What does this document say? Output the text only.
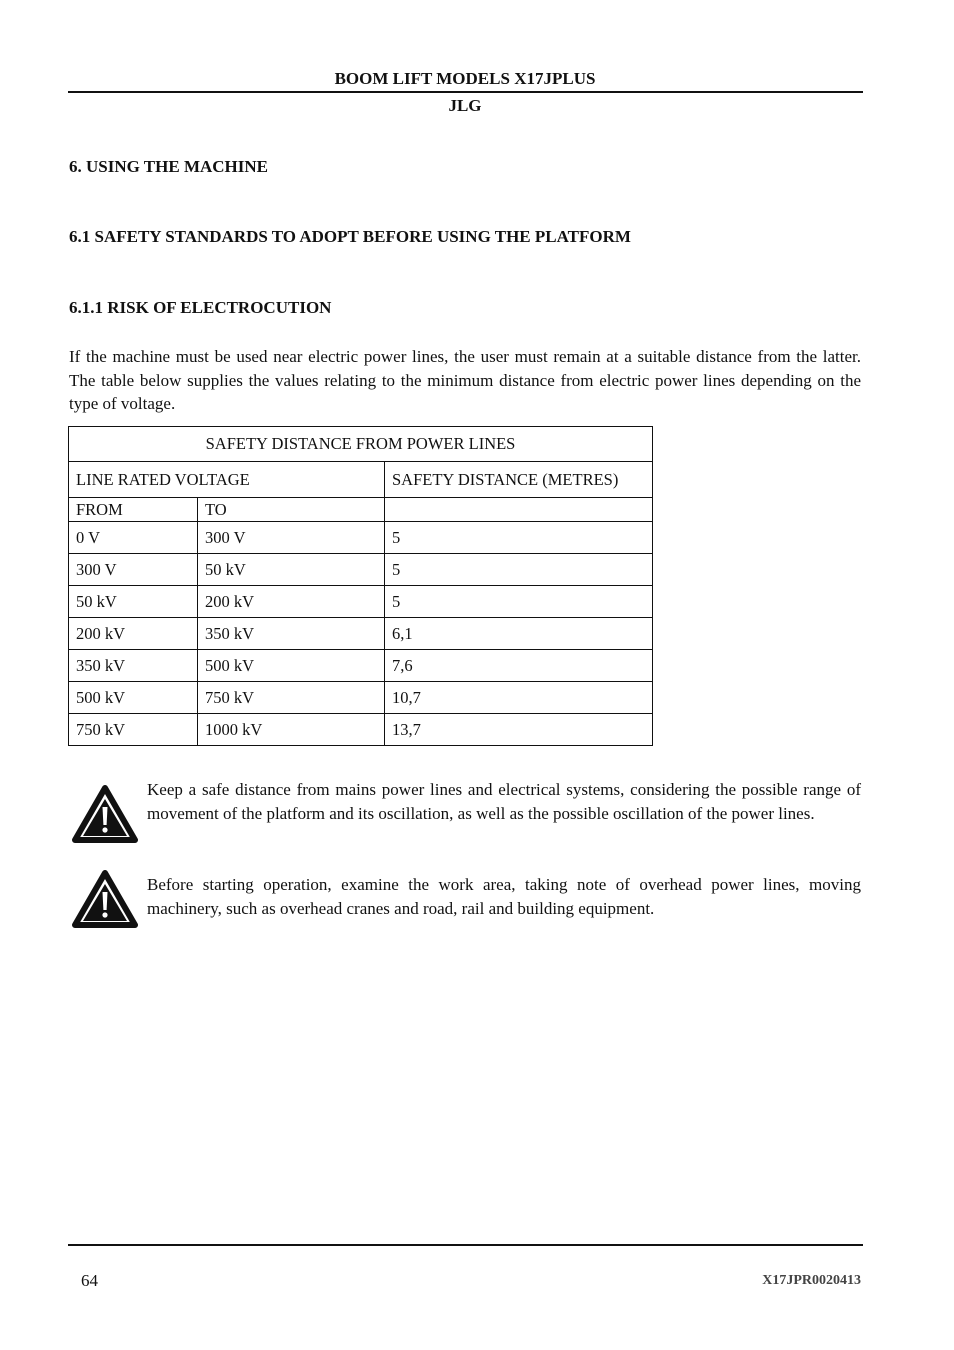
BOOM LIFT MODELS X17JPLUS
JLG
6. USING THE MACHINE
6.1 SAFETY STANDARDS TO ADOPT BEFORE USING THE PLATFORM
6.1.1 RISK OF ELECTROCUTION
If the machine must be used near electric power lines, the user must remain at a suitable distance from the latter. The table below supplies the values relating to the minimum distance from electric power lines depending on the type of voltage.
SAFETY DISTANCE FROM POWER LINES		
LINE RATED VOLTAGE		SAFETY DISTANCE (METRES)
FROM	TO	
0 V	300 V	5
300 V	50 kV	5
50 kV	200 kV	5
200 kV	350 kV	6,1
350 kV	500 kV	7,6
500 kV	750 kV	10,7
750 kV	1000 kV	13,7
Keep a safe distance from mains power lines and electrical systems, considering the possible range of movement of the platform and its oscillation, as well as the possible oscillation of the power lines.
Before starting operation, examine the work area, taking note of overhead power lines, moving machinery, such as overhead cranes and road, rail and building equipment.
64	X17JPR0020413
